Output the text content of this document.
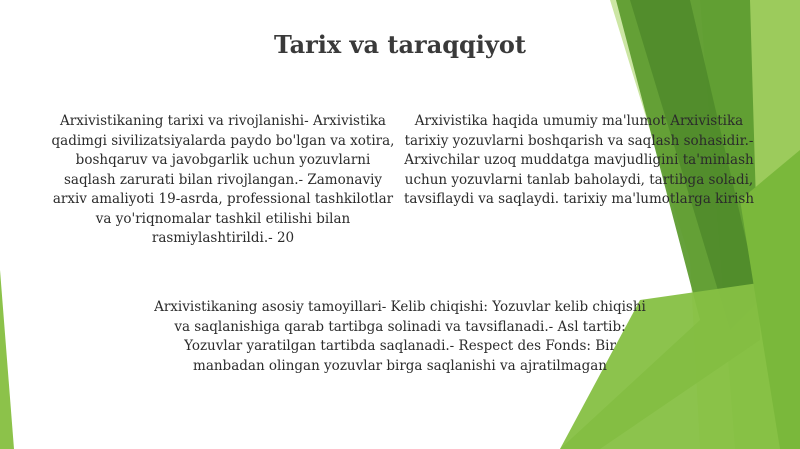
Tarix va taraqqiyot

Arxivistikaning tarixi va rivojlanishi- Arxivistika qadimgi sivilizatsiyalarda paydo bo'lgan va xotira, boshqaruv va javobgarlik uchun yozuvlarni saqlash zarurati bilan rivojlangan.- Zamonaviy arxiv amaliyoti 19-asrda, professional tashkilotlar va yo'riqnomalar tashkil etilishi bilan rasmiylashtirildi.- 20

Arxivistika haqida umumiy ma'lumot Arxivistika tarixiy yozuvlarni boshqarish va saqlash sohasidir.- Arxivchilar uzoq muddatga mavjudligini ta'minlash uchun yozuvlarni tanlab baholaydi, tartibga soladi, tavsiflaydi va saqlaydi. tarixiy ma'lumotlarga kirish

Arxivistikaning asosiy tamoyillari- Kelib chiqishi: Yozuvlar kelib chiqishi va saqlanishiga qarab tartibga solinadi va tavsiflanadi.- Asl tartib: Yozuvlar yaratilgan tartibda saqlanadi.- Respect des Fonds: Bir manbadan olingan yozuvlar birga saqlanishi va ajratilmagan
